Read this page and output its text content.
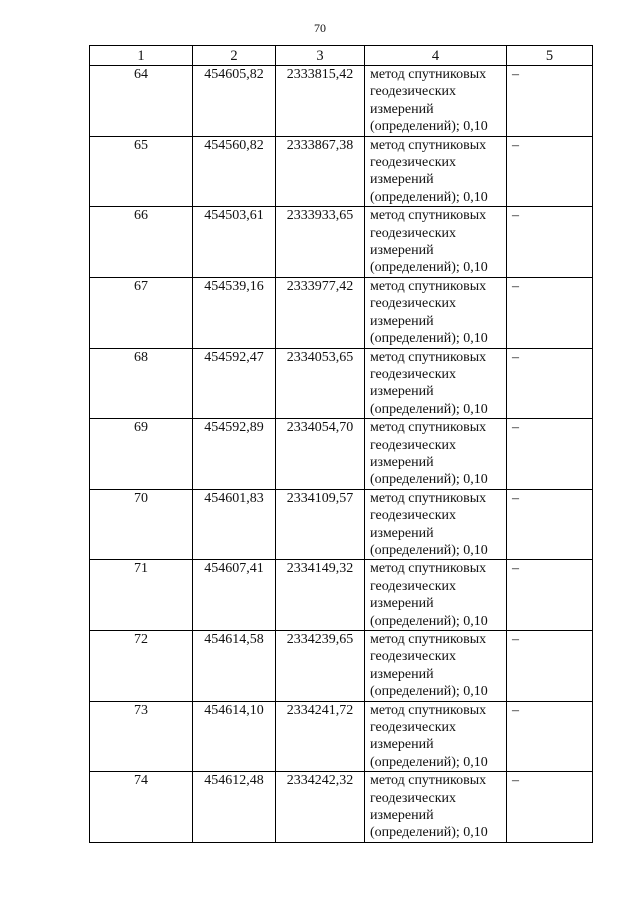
70
1	2	3	4	5
64	454605,82	2333815,42	метод спутниковых геодезических измерений (определений); 0,10	–
65	454560,82	2333867,38	метод спутниковых геодезических измерений (определений); 0,10	–
66	454503,61	2333933,65	метод спутниковых геодезических измерений (определений); 0,10	–
67	454539,16	2333977,42	метод спутниковых геодезических измерений (определений); 0,10	–
68	454592,47	2334053,65	метод спутниковых геодезических измерений (определений); 0,10	–
69	454592,89	2334054,70	метод спутниковых геодезических измерений (определений); 0,10	–
70	454601,83	2334109,57	метод спутниковых геодезических измерений (определений); 0,10	–
71	454607,41	2334149,32	метод спутниковых геодезических измерений (определений); 0,10	–
72	454614,58	2334239,65	метод спутниковых геодезических измерений (определений); 0,10	–
73	454614,10	2334241,72	метод спутниковых геодезических измерений (определений); 0,10	–
74	454612,48	2334242,32	метод спутниковых геодезических измерений (определений); 0,10	–
